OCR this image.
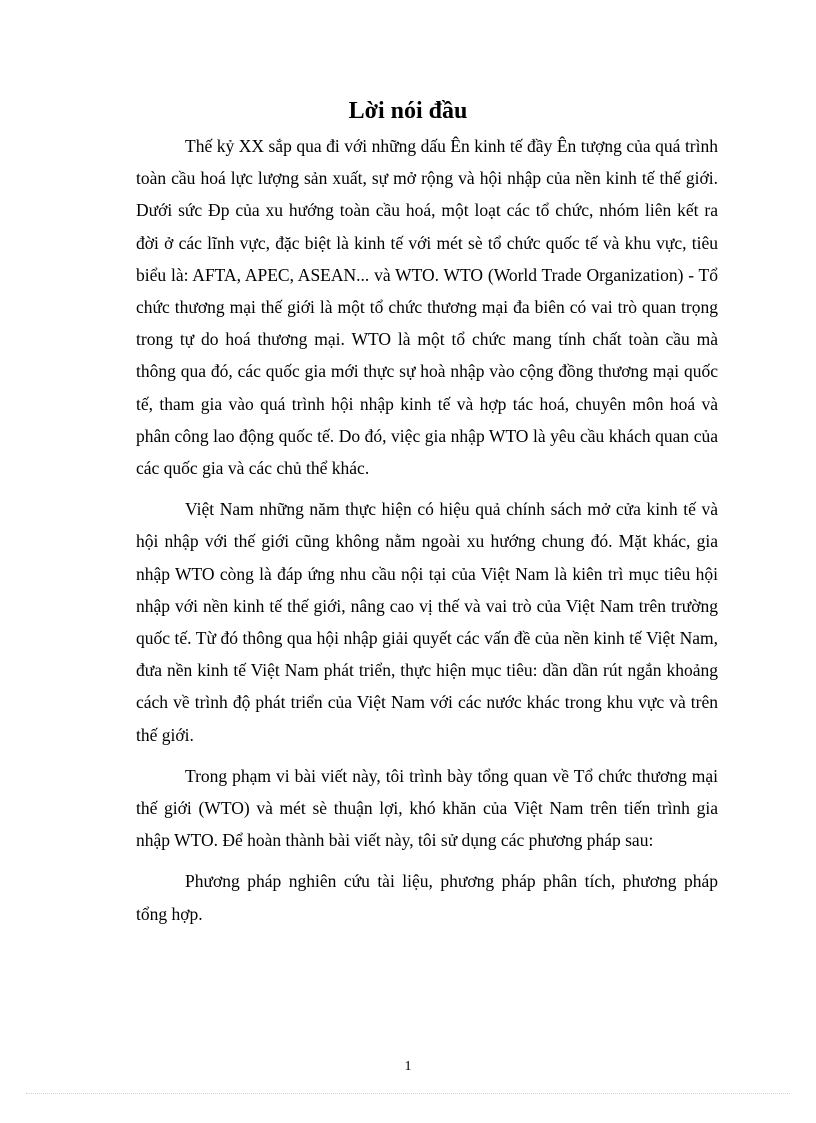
Lời nói đầu

Thế kỷ XX sắp qua đi với những dấu Ên kinh tế đầy Ên tượng của quá trình toàn cầu hoá lực lượng sản xuất, sự mở rộng và hội nhập của nền kinh tế thế giới. Dưới sức Ðp của xu hướng toàn cầu hoá, một loạt các tổ chức, nhóm liên kết ra đời ở các lĩnh vực, đặc biệt là kinh tế với mét sè tổ chức quốc tế và khu vực, tiêu biểu là: AFTA, APEC, ASEAN... và WTO. WTO (World Trade Organization) - Tổ chức thương mại thế giới là một tổ chức thương mại đa biên có vai trò quan trọng trong tự do hoá thương mại. WTO là một tổ chức mang tính chất toàn cầu mà thông qua đó, các quốc gia mới thực sự hoà nhập vào cộng đồng thương mại quốc tế, tham gia vào quá trình hội nhập kinh tế và hợp tác hoá, chuyên môn hoá và phân công lao động quốc tế. Do đó, việc gia nhập WTO là yêu cầu khách quan của các quốc gia và các chủ thể khác.

Việt Nam những năm thực hiện có hiệu quả chính sách mở cửa kinh tế và hội nhập với thế giới cũng không nằm ngoài xu hướng chung đó. Mặt khác, gia nhập WTO còng là đáp ứng nhu cầu nội tại của Việt Nam là kiên trì mục tiêu hội nhập với nền kinh tế thế giới, nâng cao vị thế và vai trò của Việt Nam trên trường quốc tế. Từ đó thông qua hội nhập giải quyết các vấn đề của nền kinh tế Việt Nam, đưa nền kinh tế Việt Nam phát triển, thực hiện mục tiêu: dần dần rút ngắn khoảng cách về trình độ phát triển của Việt Nam với các nước khác trong khu vực và trên thế giới.

Trong phạm vi bài viết này, tôi trình bày tổng quan về Tổ chức thương mại thế giới (WTO) và mét sè thuận lợi, khó khăn của Việt Nam trên tiến trình gia nhập WTO. Để hoàn thành bài viết này, tôi sử dụng các phương pháp sau:

Phương pháp nghiên cứu tài liệu, phương pháp phân tích, phương pháp tổng hợp.

1
